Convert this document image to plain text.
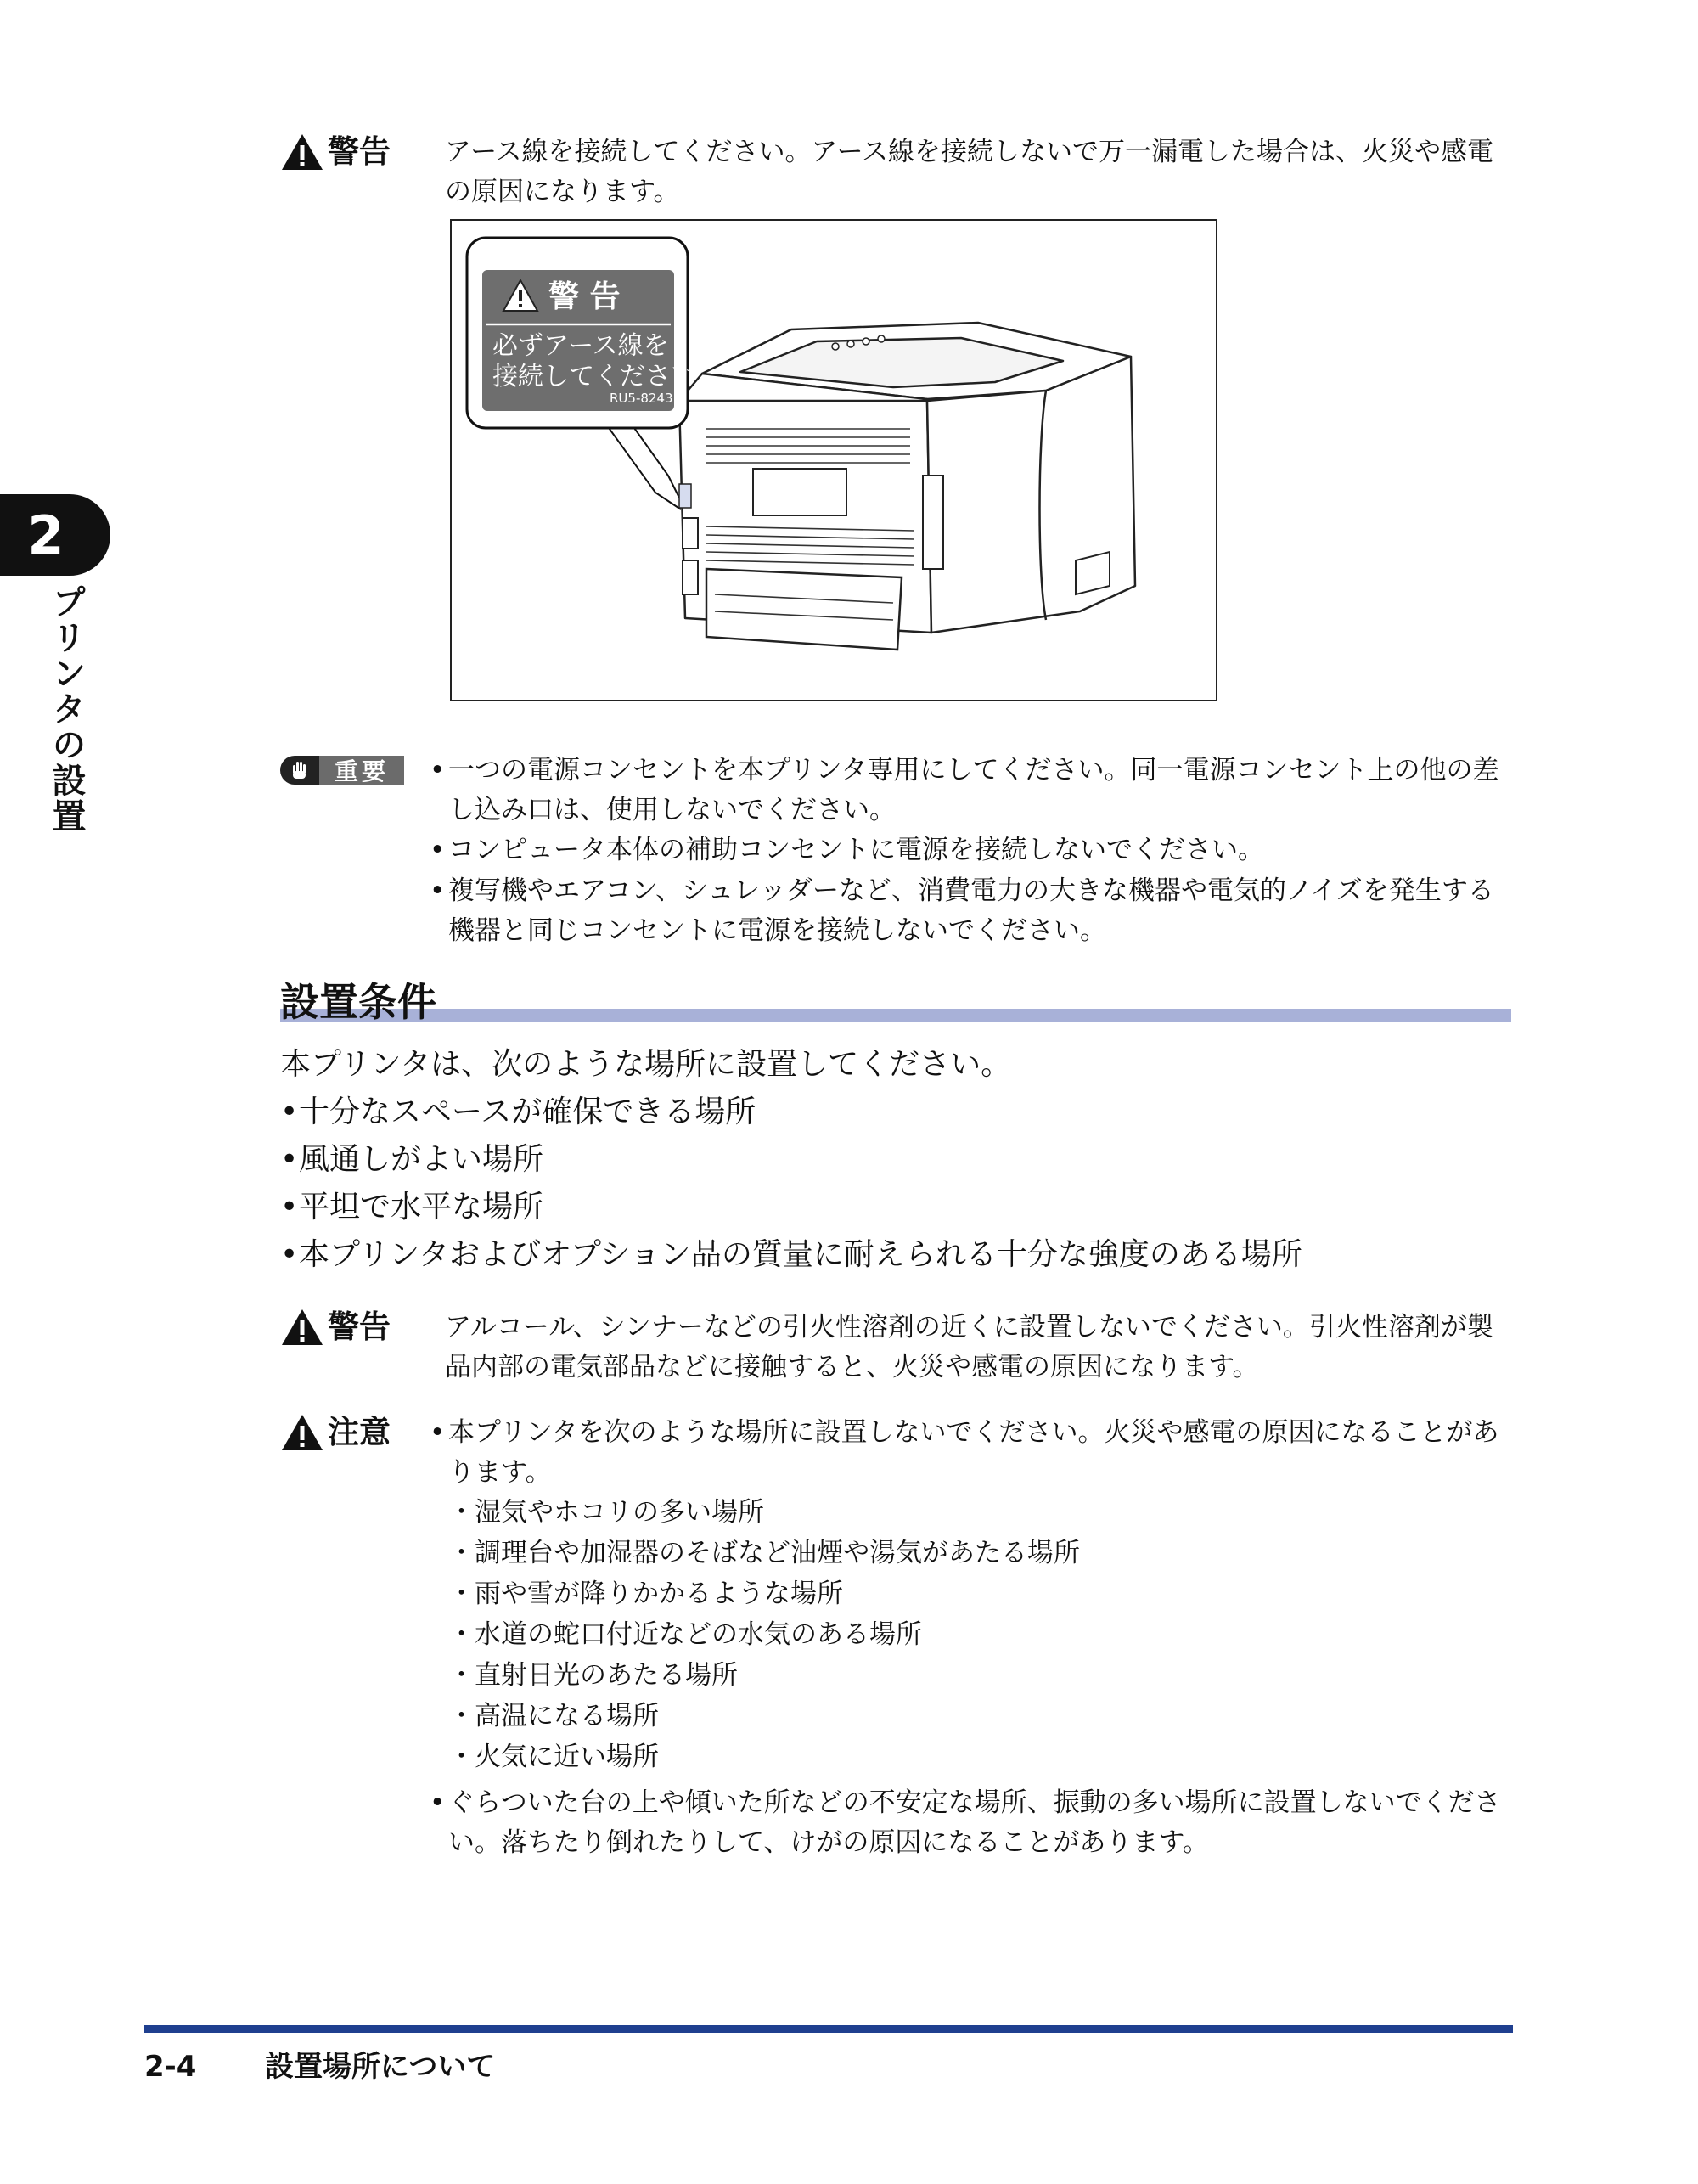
2
プリンタの設置
警告 アース線を接続してください。アース線を接続しないで万一漏電した場合は、火災や感電
の原因になります。
警 告
必ずアース線を
接続してください。
RU5-8243
重要	• 一つの電源コンセントを本プリンタ専用にしてください。同一電源コンセント上の他の差
し込み口は、使用しないでください。
• コンピュータ本体の補助コンセントに電源を接続しないでください。
• 複写機やエアコン、シュレッダーなど、消費電力の大きな機器や電気的ノイズを発生する
機器と同じコンセントに電源を接続しないでください。
設置条件
本プリンタは、次のような場所に設置してください。
• 十分なスペースが確保できる場所
• 風通しがよい場所
• 平坦で水平な場所
• 本プリンタおよびオプション品の質量に耐えられる十分な強度のある場所
警告 アルコール、シンナーなどの引火性溶剤の近くに設置しないでください。引火性溶剤が製
品内部の電気部品などに接触すると、火災や感電の原因になります。
注意 • 本プリンタを次のような場所に設置しないでください。火災や感電の原因になることがあ
ります。
・湿気やホコリの多い場所
・調理台や加湿器のそばなど油煙や湯気があたる場所
・雨や雪が降りかかるような場所
・水道の蛇口付近などの水気のある場所
・直射日光のあたる場所
・高温になる場所
・火気に近い場所
• ぐらついた台の上や傾いた所などの不安定な場所、振動の多い場所に設置しないでくださ
い。落ちたり倒れたりして、けがの原因になることがあります。
2-4 設置場所について
